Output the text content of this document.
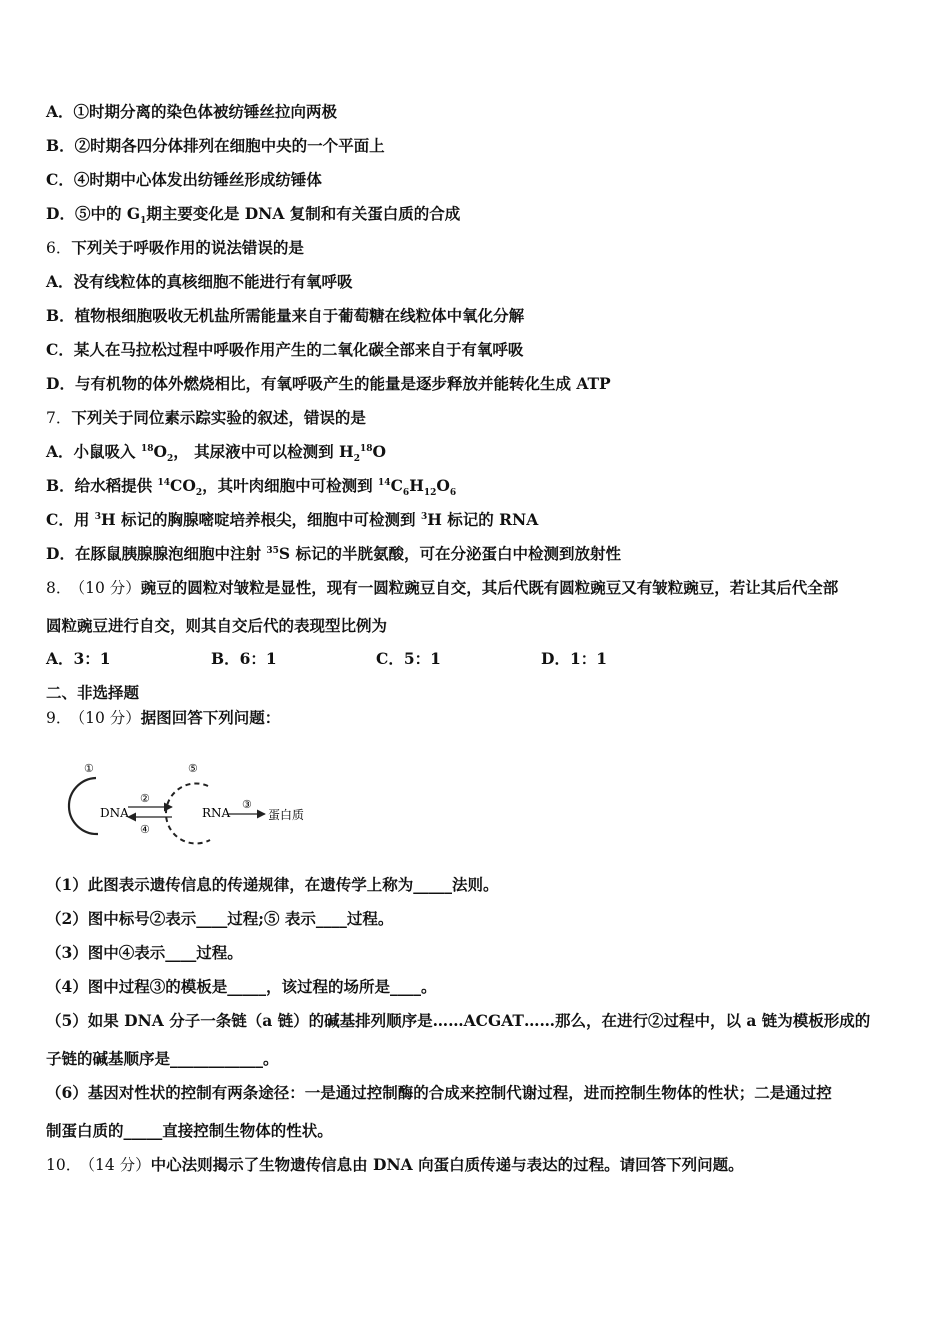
A．①时期分离的染色体被纺锤丝拉向两极
B．②时期各四分体排列在细胞中央的一个平面上
C．④时期中心体发出纺锤丝形成纺锤体
D．⑤中的 $G_1$期主要变化是 DNA 复制和有关蛋白质的合成
6．下列关于呼吸作用的说法错误的是
A．没有线粒体的真核细胞不能进行有氧呼吸
B．植物根细胞吸收无机盐所需能量来自于葡萄糖在线粒体中氧化分解
C．某人在马拉松过程中呼吸作用产生的二氧化碳全部来自于有氧呼吸
D．与有机物的体外燃烧相比，有氧呼吸产生的能量是逐步释放并能转化生成 ATP
7．下列关于同位素示踪实验的叙述，错误的是
A．小鼠吸入 $^{18}O_2$， 其尿液中可以检测到 $H_2^{18}O$
B．给水稻提供 $^{14}CO_2$，其叶肉细胞中可检测到 $^{14}C_6H_{12}O_6$
C．用 $^3$H 标记的胸腺嘧啶培养根尖，细胞中可检测到 $^3$H 标记的 RNA
D．在豚鼠胰腺腺泡细胞中注射 $^{35}$S 标记的半胱氨酸，可在分泌蛋白中检测到放射性
8． （10 分）豌豆的圆粒对皱粒是显性，现有一圆粒豌豆自交，其后代既有圆粒豌豆又有皱粒豌豆，若让其后代全部
圆粒豌豆进行自交，则其自交后代的表现型比例为
A．3：1	B．6：1	C．5：1	D．1：1
二、非选择题
9． （10 分）据图回答下列问题：
①
DNA
②
④
⑤
RNA
③
蛋白质
（1）此图表示遗传信息的传递规律，在遗传学上称为_____法则。
（2）图中标号②表示____过程;⑤ 表示____过程。
（3）图中④表示____过程。
（4）图中过程③的模板是_____，该过程的场所是____。
（5）如果 DNA 分子一条链（a 链）的碱基排列顺序是……ACGAT……那么，在进行②过程中，以 a 链为模板形成的
子链的碱基顺序是____________。
（6）基因对性状的控制有两条途径：一是通过控制酶的合成来控制代谢过程，进而控制生物体的性状；二是通过控
制蛋白质的_____直接控制生物体的性状。
10． （14 分）中心法则揭示了生物遗传信息由 DNA 向蛋白质传递与表达的过程。请回答下列问题。
